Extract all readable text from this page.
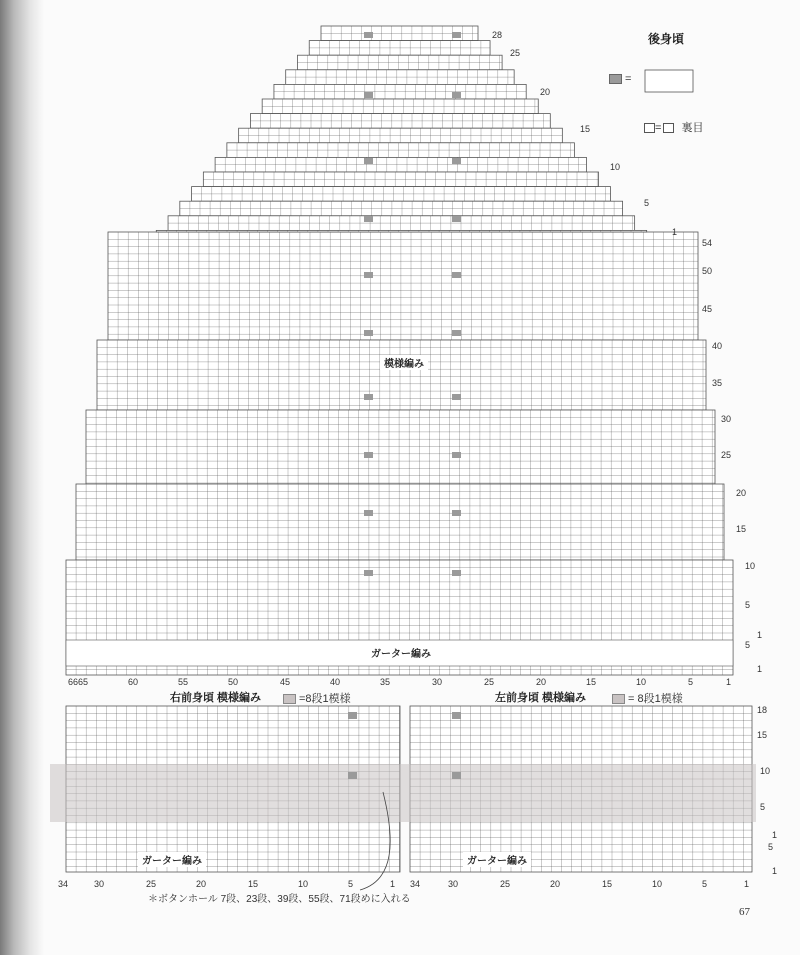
後身頃
=
= 裏目
模様編み
ガーター編み
28
25
20
15
10
5
1
54
50
45
40
35
30
25
20
15
10
5
1
5
1
66 65	60	55	50	45	40	35	30	25	20	15	10	5	1
右前身頃 模様編み	=8段1模様	左前身頃 模様編み	= 8段1模様
ガーター編み	ガーター編み
34	30	25	20	15	10	5	1 34	30	25	20	15	10	5	1
18
15
10
5
1
5
1
＊ボタンホール 7段、23段、39段、55段、71段めに入れる
67
